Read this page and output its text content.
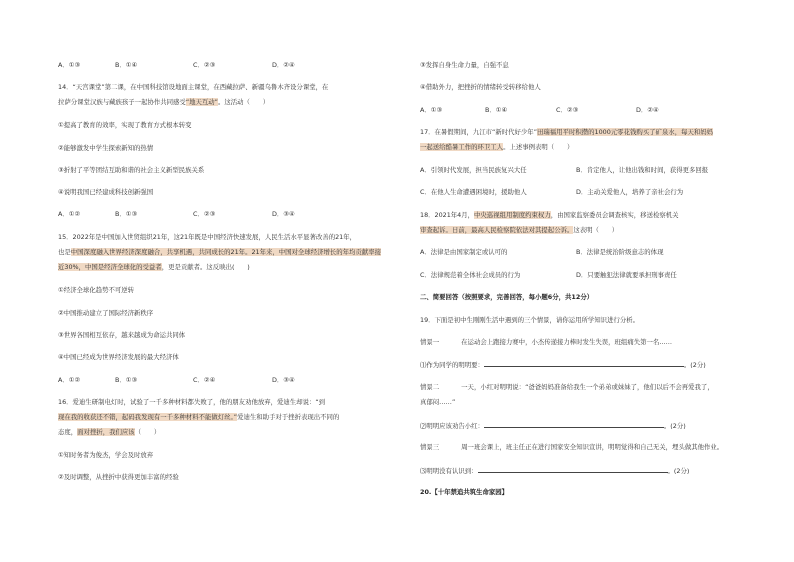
A．①③	B．①④	C．②③	D．②④
14．“天宫课堂”第二课，在中国科技馆设地面主课堂，在西藏拉萨、新疆乌鲁木齐设分课堂，在
拉萨分课堂汉族与藏族孩子一起协作共同感受“地天互动”。这活动（　　）
①提高了教育的效率，实现了教育方式根本转变
②能够激发中学生探索新知的热情
③折射了平等团结互助和谐的社会主义新型民族关系
④说明我国已经建成科技创新强国
A．①②	B．①③	C．②③	D．③④
15．2022年是中国加入世贸组织21年，这21年既是中国经济快速发展，人民生活水平显著改善的21年，
也是中国深度融入世界经济深度融合，共享机遇，共同成长的21年。21年来，中国对全球经济增长的年均贡献率接
近30%，中国是经济全球化的受益者，更是贡献者。这反映出(　　)
①经济全球化趋势不可逆转
②中国推动建立了国际经济新秩序
③世界各国相互依存，越来越成为命运共同体
④中国已经成为世界经济发展的最大经济体
A．①②	B．①③	C．②④	D．③④
16．爱迪生研制电灯时，试验了一千多种材料都失败了，他的朋友劝他放弃，爱迪生却说：“到
现在我的收获还不错，起码我发现有一千多种材料不能做灯丝。”爱迪生和助手对于挫折表现出不同的
态度，面对挫折，我们应该（　　）
①知时务者为俊杰，学会及时放弃
②及时调整，从挫折中获得更加丰富的经验
③发挥自身生命力量，自强不息
④借助外力，把挫折的情绪转受转移给他人
A．①③	B．①④	C．②③	D．②④
17．在暑假期间，九江市“新时代好少年”田瑞福用平时积攒的1000元零花钱购买了矿泉水，每天和妈妈
一起送给酷暑工作的环卫工人。上述事例表明（　　）
A．引领时代发展，担当民族复兴大任	B．肯定他人，让他出钱和时间，获得更多回报
C．在他人生命遭遇困境时，援助他人	D．主动关爱他人，培养了亲社会行为
18．2021年4月，中央巡视组用制度约束权力，由国家监察委员会调查核实，移送检察机关
审查起诉。日前，最高人民检察院依法对其提起公诉。这表明（　　）
A．法律是由国家制定或认可的	B．法律是统治阶级意志的体现
C．法律规范着全体社会成员的行为	D．只要触犯法律就要承担刑事责任
二、简要回答（按照要求，完善回答，每小题6分，共12分）
19．下面是初中生刚刚生活中遇到的三个情景，请你运用所学知识进行分析。
情景一	在运动会上跑接力赛中，小杰传递接力棒时发生失误，班组痛失第一名……
⑴作为同学的明明要：	。(2分)
情景二	一天，小红对明明说：“爸爸妈妈准备给我生一个弟弟或妹妹了，他们以后不会再爱我了，
真郁闷……”
⑵明明应该劝告小红：	。(2分)
情景三	周一班会课上，班主任正在进行国家安全知识宣讲，明明觉得和自己无关，埋头做其他作业。
⑶明明没有认识到：	。(2分)
20.【十年禁追共筑生命家园】
